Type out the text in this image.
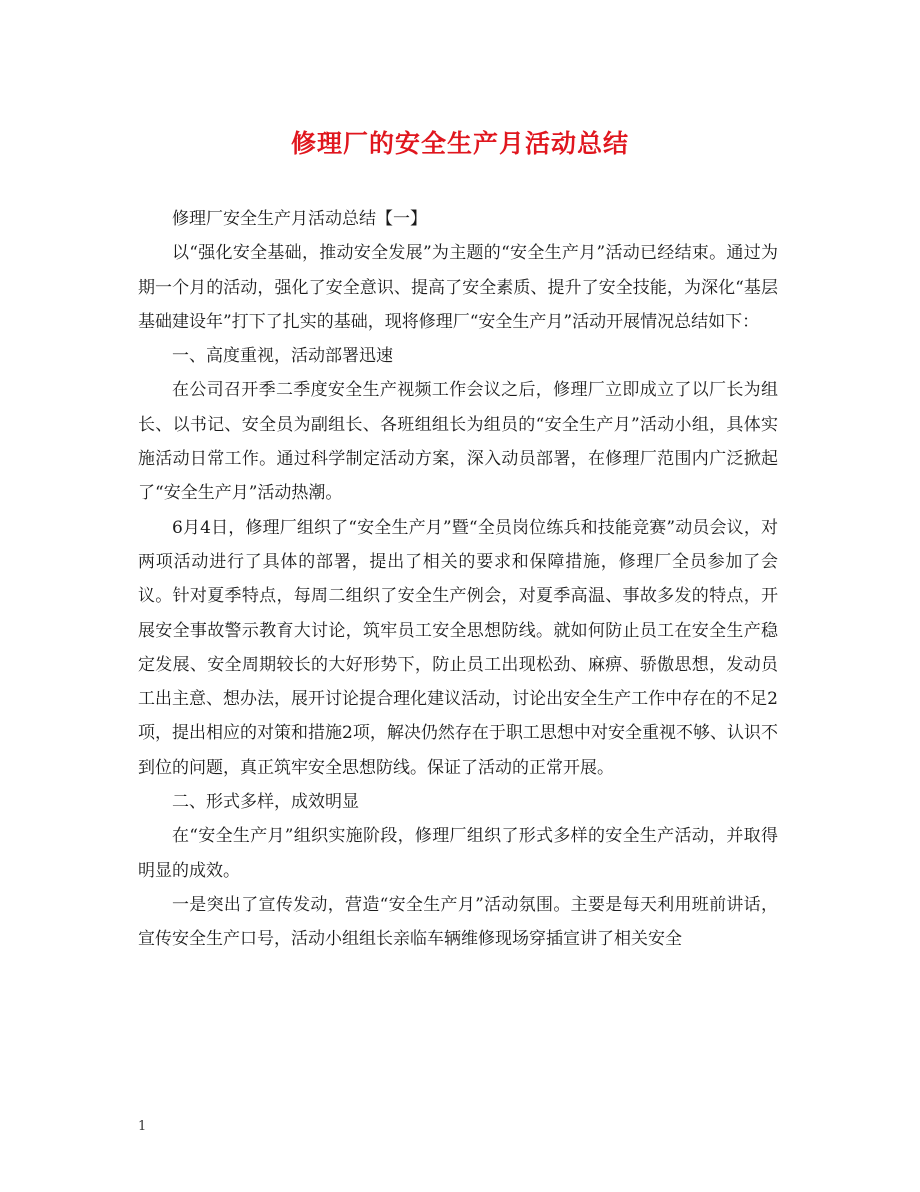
修理厂的安全生产月活动总结

修理厂安全生产月活动总结【一】

以“强化安全基础，推动安全发展”为主题的“安全生产月”活动已经结束。通过为期一个月的活动，强化了安全意识、提高了安全素质、提升了安全技能，为深化“基层基础建设年”打下了扎实的基础，现将修理厂“安全生产月”活动开展情况总结如下：

一、高度重视，活动部署迅速

在公司召开季二季度安全生产视频工作会议之后，修理厂立即成立了以厂长为组长、以书记、安全员为副组长、各班组组长为组员的“安全生产月”活动小组，具体实施活动日常工作。通过科学制定活动方案，深入动员部署，在修理厂范围内广泛掀起了“安全生产月”活动热潮。

6月4日，修理厂组织了“安全生产月”暨“全员岗位练兵和技能竞赛”动员会议，对两项活动进行了具体的部署，提出了相关的要求和保障措施，修理厂全员参加了会议。针对夏季特点，每周二组织了安全生产例会，对夏季高温、事故多发的特点，开展安全事故警示教育大讨论，筑牢员工安全思想防线。就如何防止员工在安全生产稳定发展、安全周期较长的大好形势下，防止员工出现松劲、麻痹、骄傲思想，发动员工出主意、想办法，展开讨论提合理化建议活动，讨论出安全生产工作中存在的不足2项，提出相应的对策和措施2项，解决仍然存在于职工思想中对安全重视不够、认识不到位的问题，真正筑牢安全思想防线。保证了活动的正常开展。

二、形式多样，成效明显

在“安全生产月”组织实施阶段，修理厂组织了形式多样的安全生产活动，并取得明显的成效。

一是突出了宣传发动，营造“安全生产月”活动氛围。主要是每天利用班前讲话，宣传安全生产口号，活动小组组长亲临车辆维修现场穿插宣讲了相关安全

1
